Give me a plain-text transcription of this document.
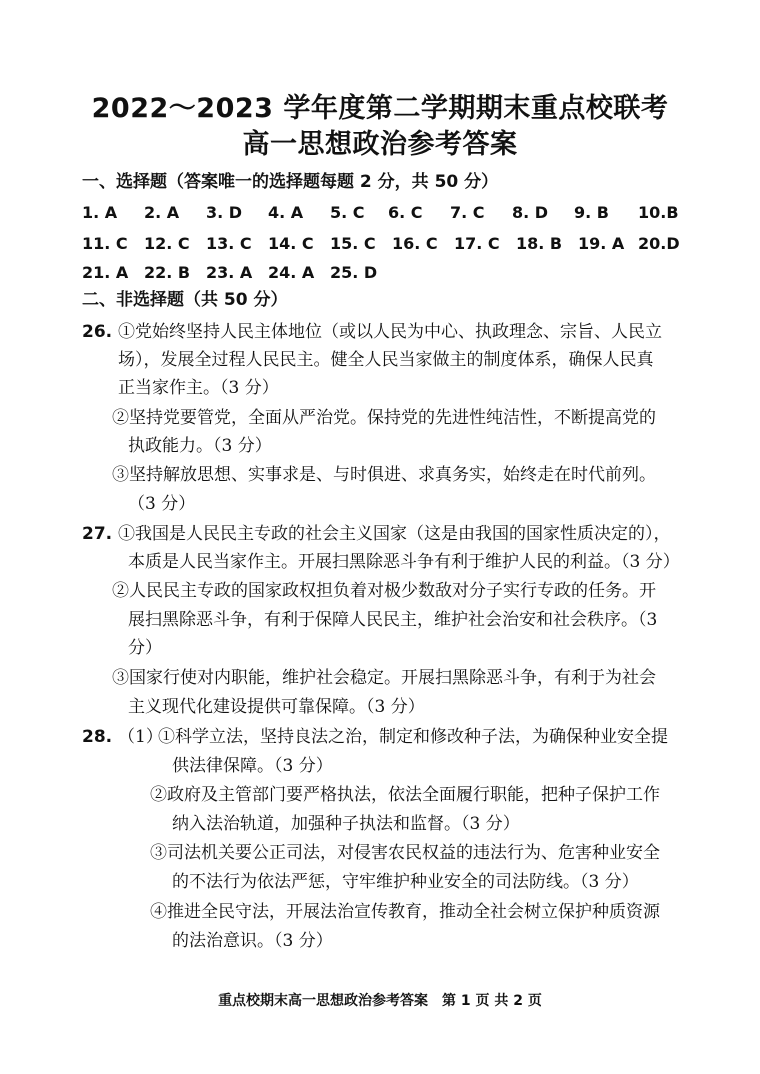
2022～2023 学年度第二学期期末重点校联考
高一思想政治参考答案
一、选择题（答案唯一的选择题每题 2 分，共 50 分）
1. A 2. A 3. D 4. A 5. C 6. C 7. C 8. D 9. B 10.B
11. C 12. C 13. C 14. C 15. C 16. C 17. C 18. B 19. A 20.D
21. A 22. B 23. A 24. A 25. D
二、非选择题（共 50 分）
26. ①党始终坚持人民主体地位（或以人民为中心、执政理念、宗旨、人民立
场），发展全过程人民民主。健全人民当家做主的制度体系，确保人民真
正当家作主。（3 分）
②坚持党要管党，全面从严治党。保持党的先进性纯洁性，不断提高党的
执政能力。（3 分）
③坚持解放思想、实事求是、与时俱进、求真务实，始终走在时代前列。
（3 分）
27. ①我国是人民民主专政的社会主义国家（这是由我国的国家性质决定的），
本质是人民当家作主。开展扫黑除恶斗争有利于维护人民的利益。（3 分）
②人民民主专政的国家政权担负着对极少数敌对分子实行专政的任务。开
展扫黑除恶斗争，有利于保障人民民主，维护社会治安和社会秩序。（3
分）
③国家行使对内职能，维护社会稳定。开展扫黑除恶斗争，有利于为社会
主义现代化建设提供可靠保障。（3 分）
28. （1）
①科学立法，坚持良法之治，制定和修改种子法，为确保种业安全提
供法律保障。（3 分）
②政府及主管部门要严格执法，依法全面履行职能，把种子保护工作
纳入法治轨道，加强种子执法和监督。（3 分）
③司法机关要公正司法，对侵害农民权益的违法行为、危害种业安全
的不法行为依法严惩，守牢维护种业安全的司法防线。（3 分）
④推进全民守法，开展法治宣传教育，推动全社会树立保护种质资源
的法治意识。（3 分）
重点校期末高一思想政治参考答案　第 1 页 共 2 页
